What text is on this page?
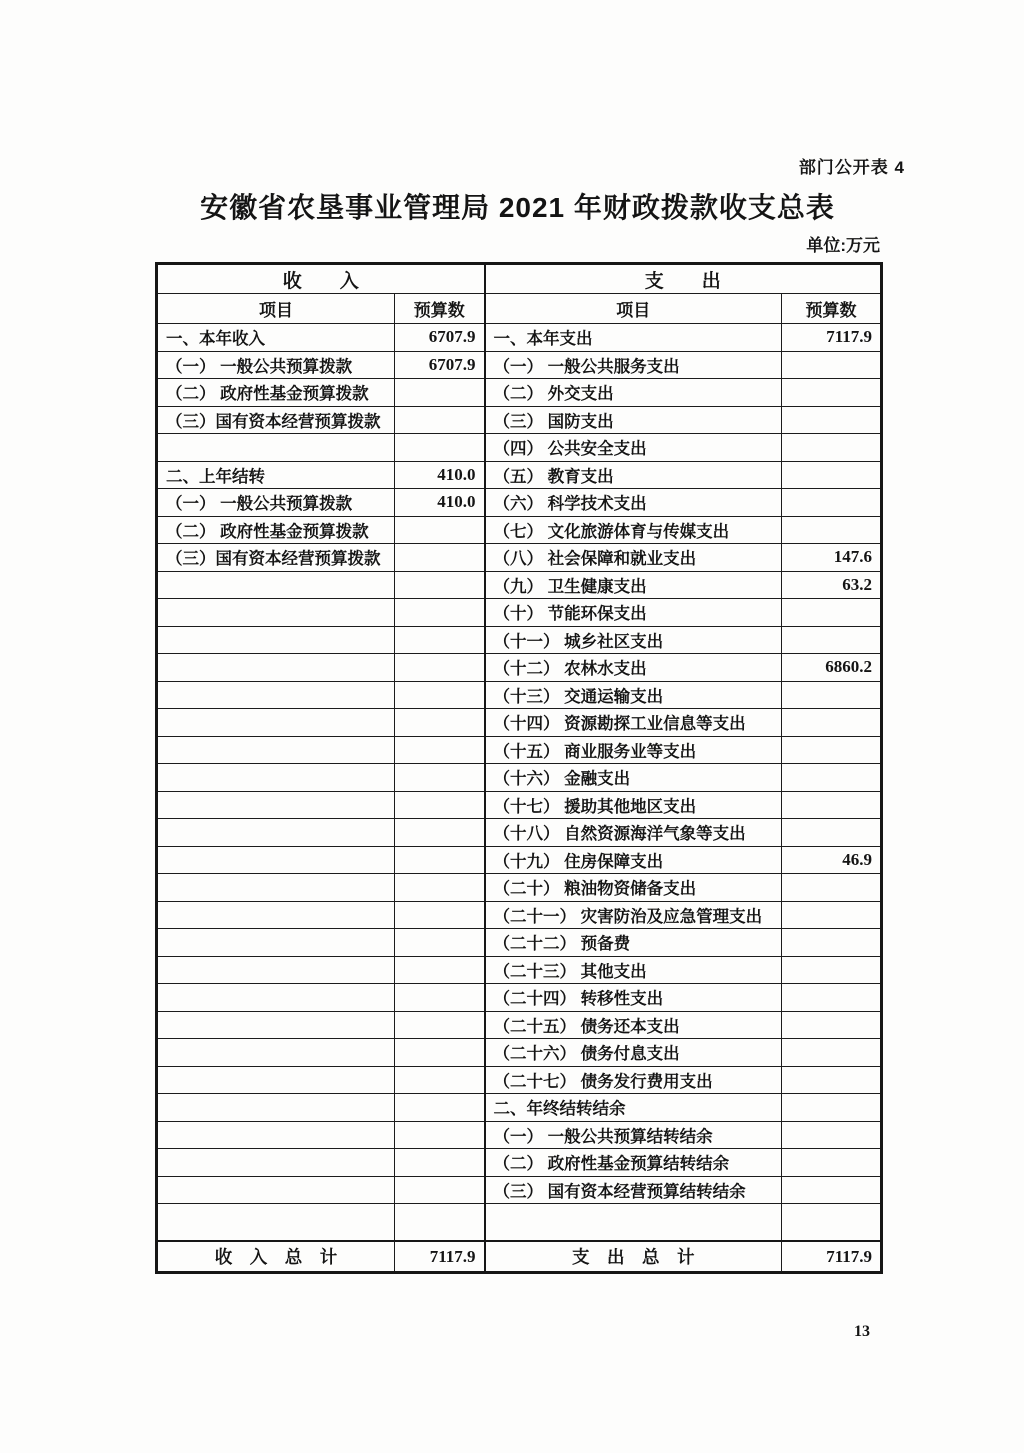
部门公开表 4
安徽省农垦事业管理局 2021 年财政拨款收支总表
单位:万元
收　　入		支　　出	
项目	预算数	项目	预算数
一、本年收入	6707.9	一、本年支出	7117.9
（一） 一般公共预算拨款	6707.9	（一） 一般公共服务支出	
（二） 政府性基金预算拨款		（二） 外交支出	
（三）国有资本经营预算拨款		（三） 国防支出	
		（四） 公共安全支出	
二、上年结转	410.0	（五） 教育支出	
（一） 一般公共预算拨款	410.0	（六） 科学技术支出	
（二） 政府性基金预算拨款		（七） 文化旅游体育与传媒支出	
（三）国有资本经营预算拨款		（八） 社会保障和就业支出	147.6
		（九） 卫生健康支出	63.2
		（十） 节能环保支出	
		（十一） 城乡社区支出	
		（十二） 农林水支出	6860.2
		（十三） 交通运输支出	
		（十四） 资源勘探工业信息等支出	
		（十五） 商业服务业等支出	
		（十六） 金融支出	
		（十七） 援助其他地区支出	
		（十八） 自然资源海洋气象等支出	
		（十九） 住房保障支出	46.9
		（二十） 粮油物资储备支出	
		（二十一） 灾害防治及应急管理支出	
		（二十二） 预备费	
		（二十三） 其他支出	
		（二十四） 转移性支出	
		（二十五） 债务还本支出	
		（二十六） 债务付息支出	
		（二十七） 债务发行费用支出	
		二、年终结转结余	
		（一） 一般公共预算结转结余	
		（二） 政府性基金预算结转结余	
		（三） 国有资本经营预算结转结余	

收　入　总　计	7117.9	支　出　总　计	7117.9
13
